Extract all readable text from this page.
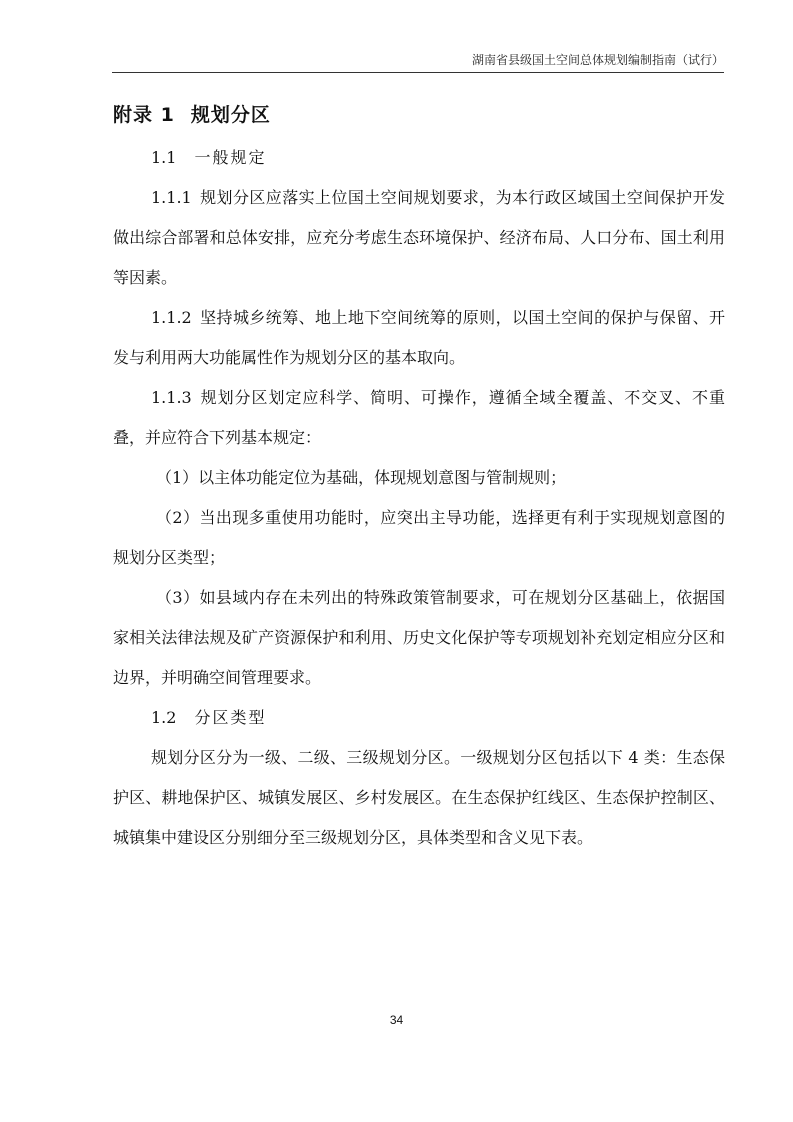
湖南省县级国土空间总体规划编制指南（试行）
附录 1 规划分区

1.1 一般规定

1.1.1 规划分区应落实上位国土空间规划要求，为本行政区域国土空间保护开发做出综合部署和总体安排，应充分考虑生态环境保护、经济布局、人口分布、国土利用等因素。

1.1.2 坚持城乡统筹、地上地下空间统筹的原则，以国土空间的保护与保留、开发与利用两大功能属性作为规划分区的基本取向。

1.1.3 规划分区划定应科学、简明、可操作，遵循全域全覆盖、不交叉、不重叠，并应符合下列基本规定：

（1）以主体功能定位为基础，体现规划意图与管制规则；

（2）当出现多重使用功能时，应突出主导功能，选择更有利于实现规划意图的规划分区类型；

（3）如县域内存在未列出的特殊政策管制要求，可在规划分区基础上，依据国家相关法律法规及矿产资源保护和利用、历史文化保护等专项规划补充划定相应分区和边界，并明确空间管理要求。

1.2 分区类型

规划分区分为一级、二级、三级规划分区。一级规划分区包括以下 4 类：生态保护区、耕地保护区、城镇发展区、乡村发展区。在生态保护红线区、生态保护控制区、城镇集中建设区分别细分至三级规划分区，具体类型和含义见下表。

34
